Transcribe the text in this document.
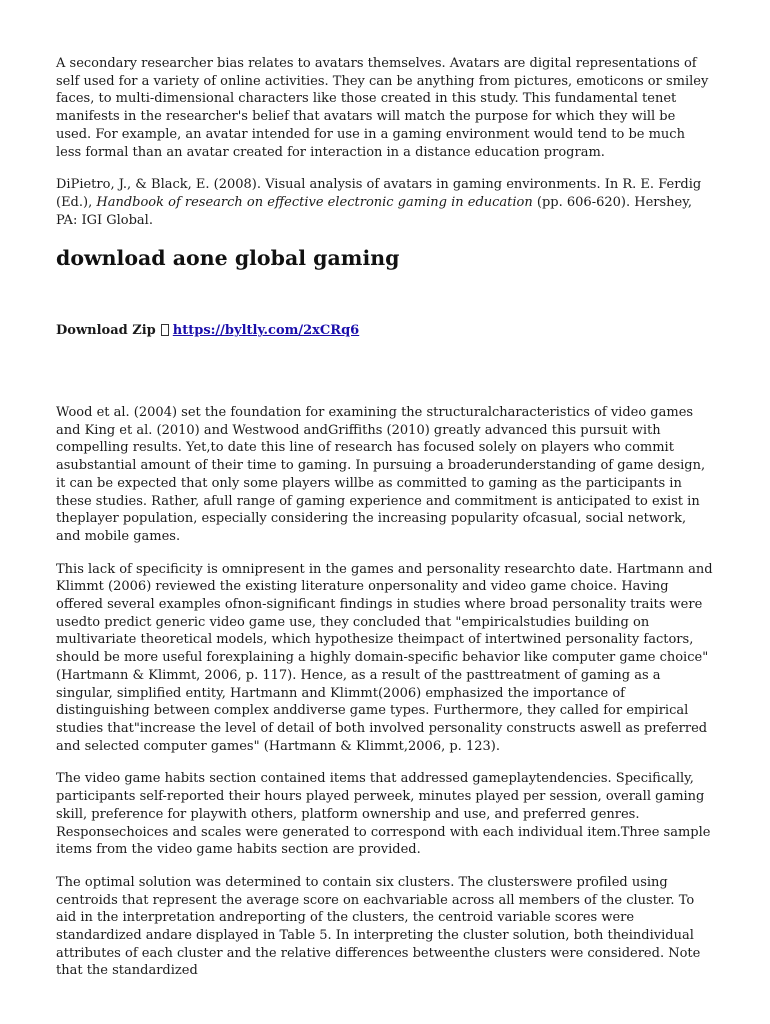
A secondary researcher bias relates to avatars themselves. Avatars are digital representations of self used for a variety of online activities. They can be anything from pictures, emoticons or smiley faces, to multi-dimensional characters like those created in this study. This fundamental tenet manifests in the researcher's belief that avatars will match the purpose for which they will be used. For example, an avatar intended for use in a gaming environment would tend to be much less formal than an avatar created for interaction in a distance education program.

DiPietro, J., & Black, E. (2008). Visual analysis of avatars in gaming environments. In R. E. Ferdig (Ed.), Handbook of research on effective electronic gaming in education (pp. 606-620). Hershey, PA: IGI Global.

download aone global gaming
Download Zip https://byltly.com/2xCRq6

Wood et al. (2004) set the foundation for examining the structuralcharacteristics of video games and King et al. (2010) and Westwood andGriffiths (2010) greatly advanced this pursuit with compelling results. Yet,to date this line of research has focused solely on players who commit asubstantial amount of their time to gaming. In pursuing a broaderunderstanding of game design, it can be expected that only some players willbe as committed to gaming as the participants in these studies. Rather, afull range of gaming experience and commitment is anticipated to exist in theplayer population, especially considering the increasing popularity ofcasual, social network, and mobile games.

This lack of specificity is omnipresent in the games and personality researchto date. Hartmann and Klimmt (2006) reviewed the existing literature onpersonality and video game choice. Having offered several examples ofnon-significant findings in studies where broad personality traits were usedto predict generic video game use, they concluded that "empiricalstudies building on multivariate theoretical models, which hypothesize theimpact of intertwined personality factors, should be more useful forexplaining a highly domain-specific behavior like computer game choice"(Hartmann & Klimmt, 2006, p. 117). Hence, as a result of the pasttreatment of gaming as a singular, simplified entity, Hartmann and Klimmt(2006) emphasized the importance of distinguishing between complex anddiverse game types. Furthermore, they called for empirical studies that"increase the level of detail of both involved personality constructs aswell as preferred and selected computer games" (Hartmann & Klimmt,2006, p. 123).

The video game habits section contained items that addressed gameplaytendencies. Specifically, participants self-reported their hours played perweek, minutes played per session, overall gaming skill, preference for playwith others, platform ownership and use, and preferred genres. Responsechoices and scales were generated to correspond with each individual item.Three sample items from the video game habits section are provided.

The optimal solution was determined to contain six clusters. The clusterswere profiled using centroids that represent the average score on eachvariable across all members of the cluster. To aid in the interpretation andreporting of the clusters, the centroid variable scores were standardized andare displayed in Table 5. In interpreting the cluster solution, both theindividual attributes of each cluster and the relative differences betweenthe clusters were considered. Note that the standardized
